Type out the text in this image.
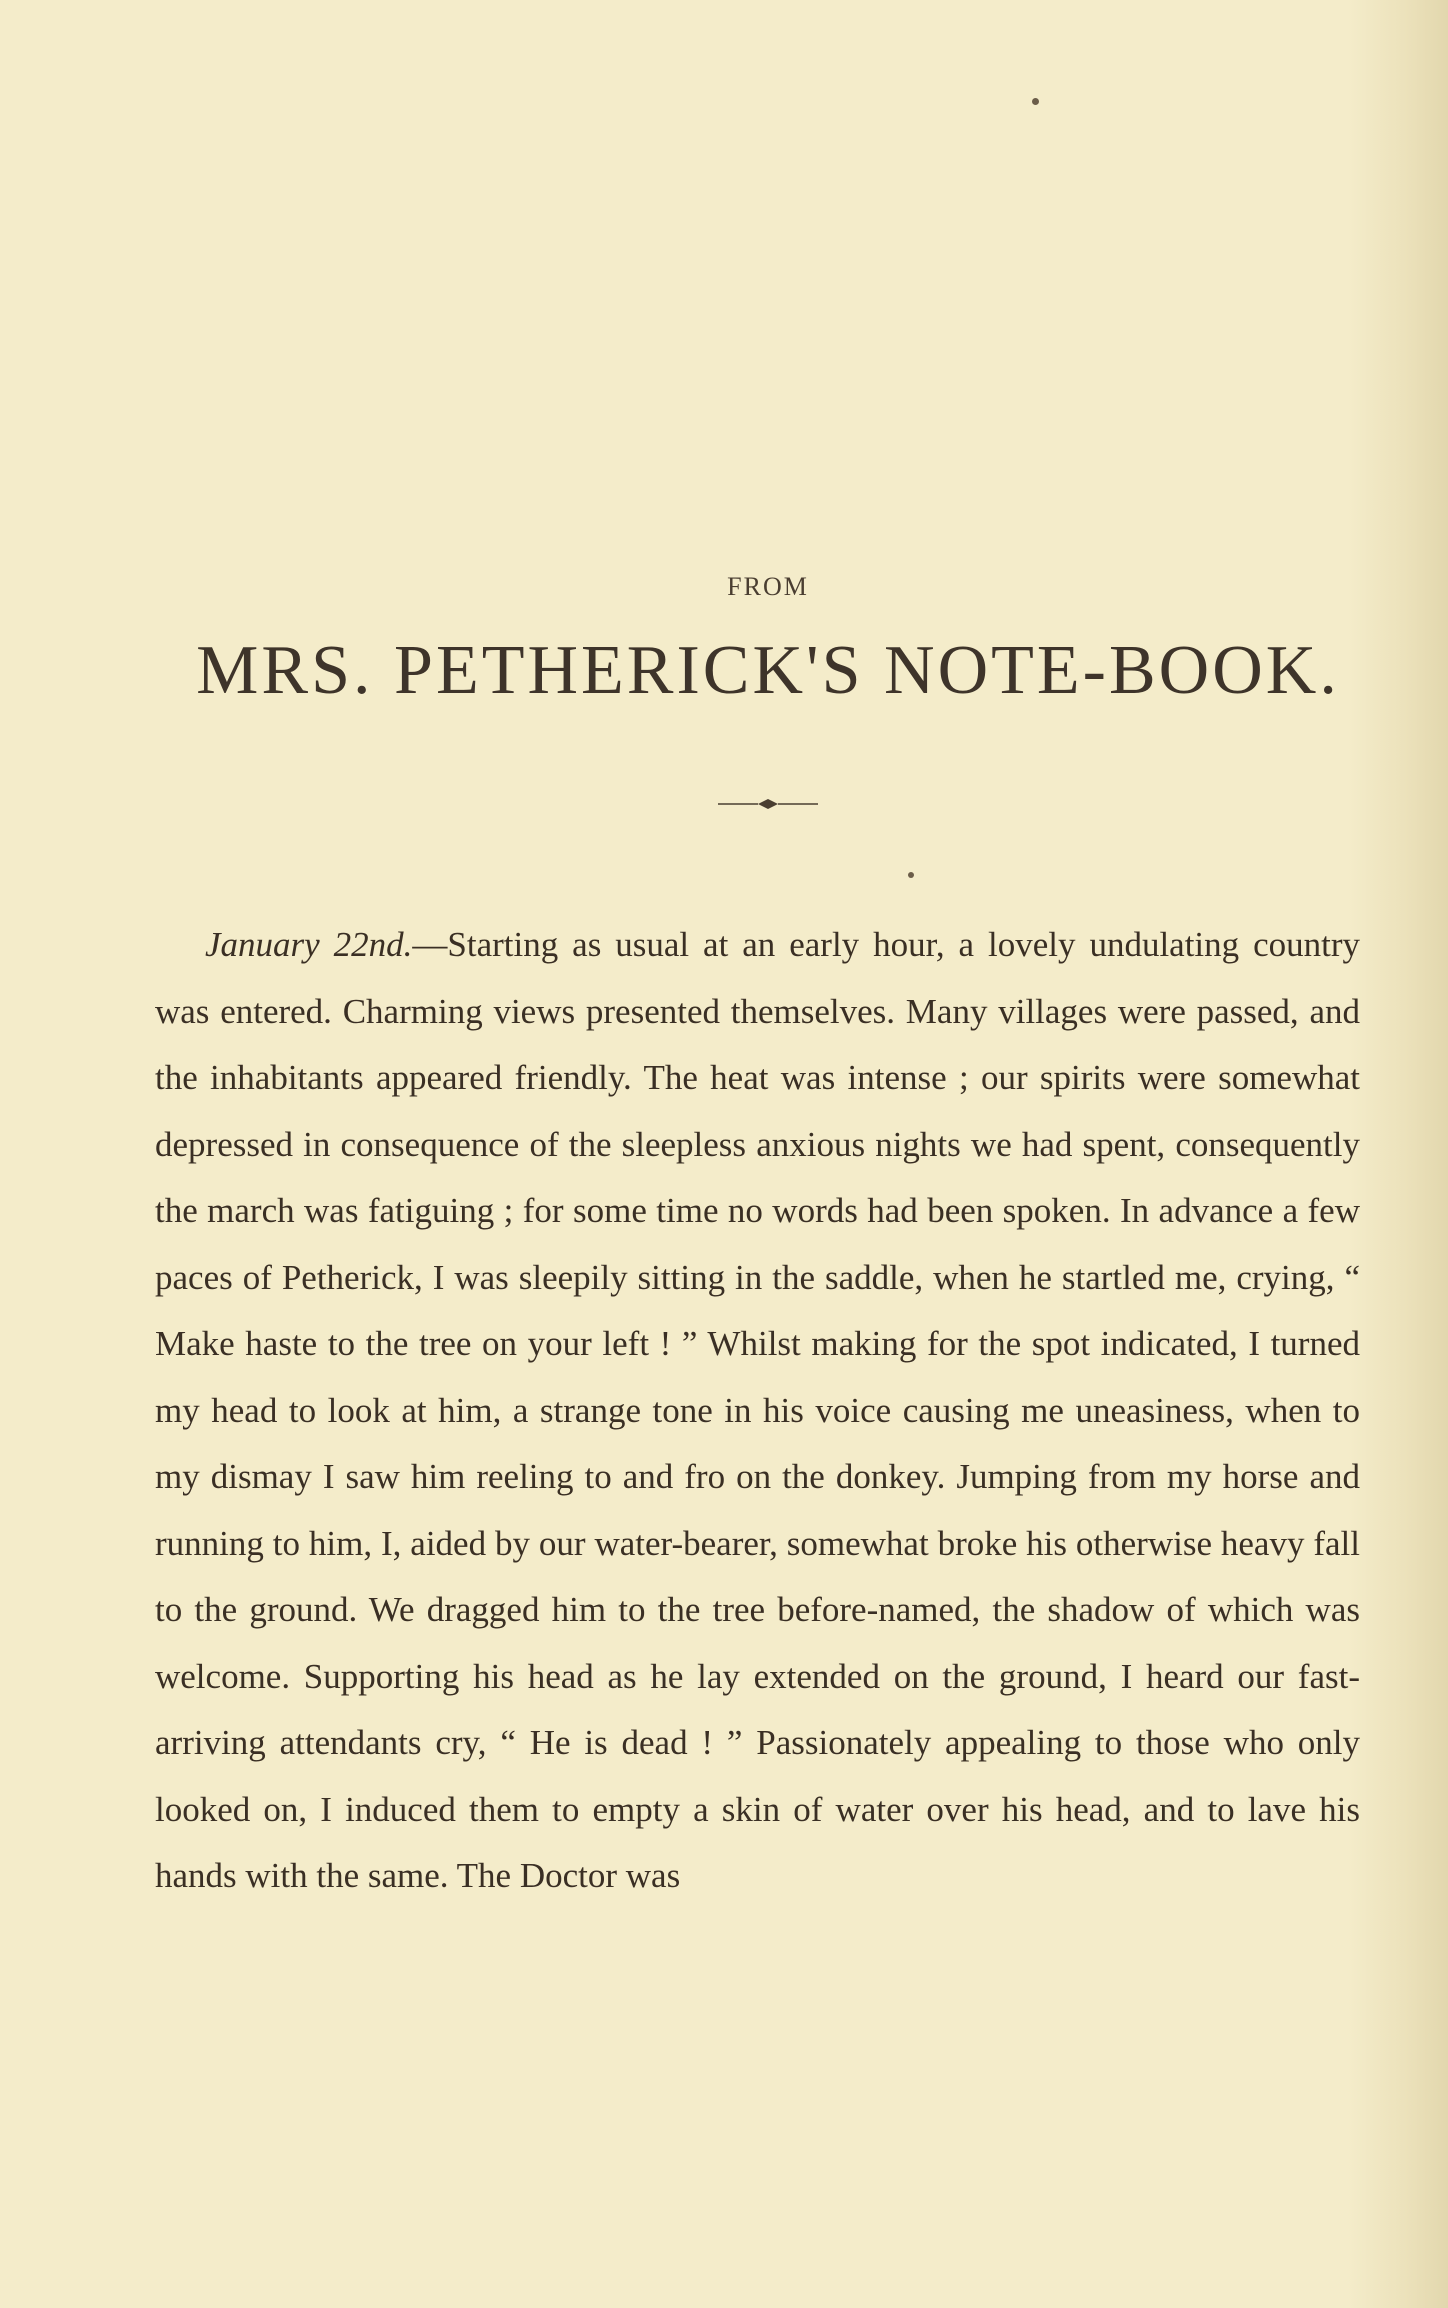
FROM
MRS. PETHERICK'S NOTE-BOOK.

January 22nd.—Starting as usual at an early hour, a lovely undulating country was entered. Charming views presented themselves. Many villages were passed, and the inhabitants appeared friendly. The heat was intense ; our spirits were somewhat depressed in consequence of the sleepless anxious nights we had spent, consequently the march was fatiguing ; for some time no words had been spoken. In advance a few paces of Petherick, I was sleepily sitting in the saddle, when he startled me, crying, “ Make haste to the tree on your left ! ” Whilst making for the spot indicated, I turned my head to look at him, a strange tone in his voice causing me uneasiness, when to my dismay I saw him reeling to and fro on the donkey. Jumping from my horse and running to him, I, aided by our water-bearer, somewhat broke his otherwise heavy fall to the ground. We dragged him to the tree before-named, the shadow of which was welcome. Supporting his head as he lay extended on the ground, I heard our fast-arriving attendants cry, “ He is dead ! ” Passionately appealing to those who only looked on, I induced them to empty a skin of water over his head, and to lave his hands with the same. The Doctor was
